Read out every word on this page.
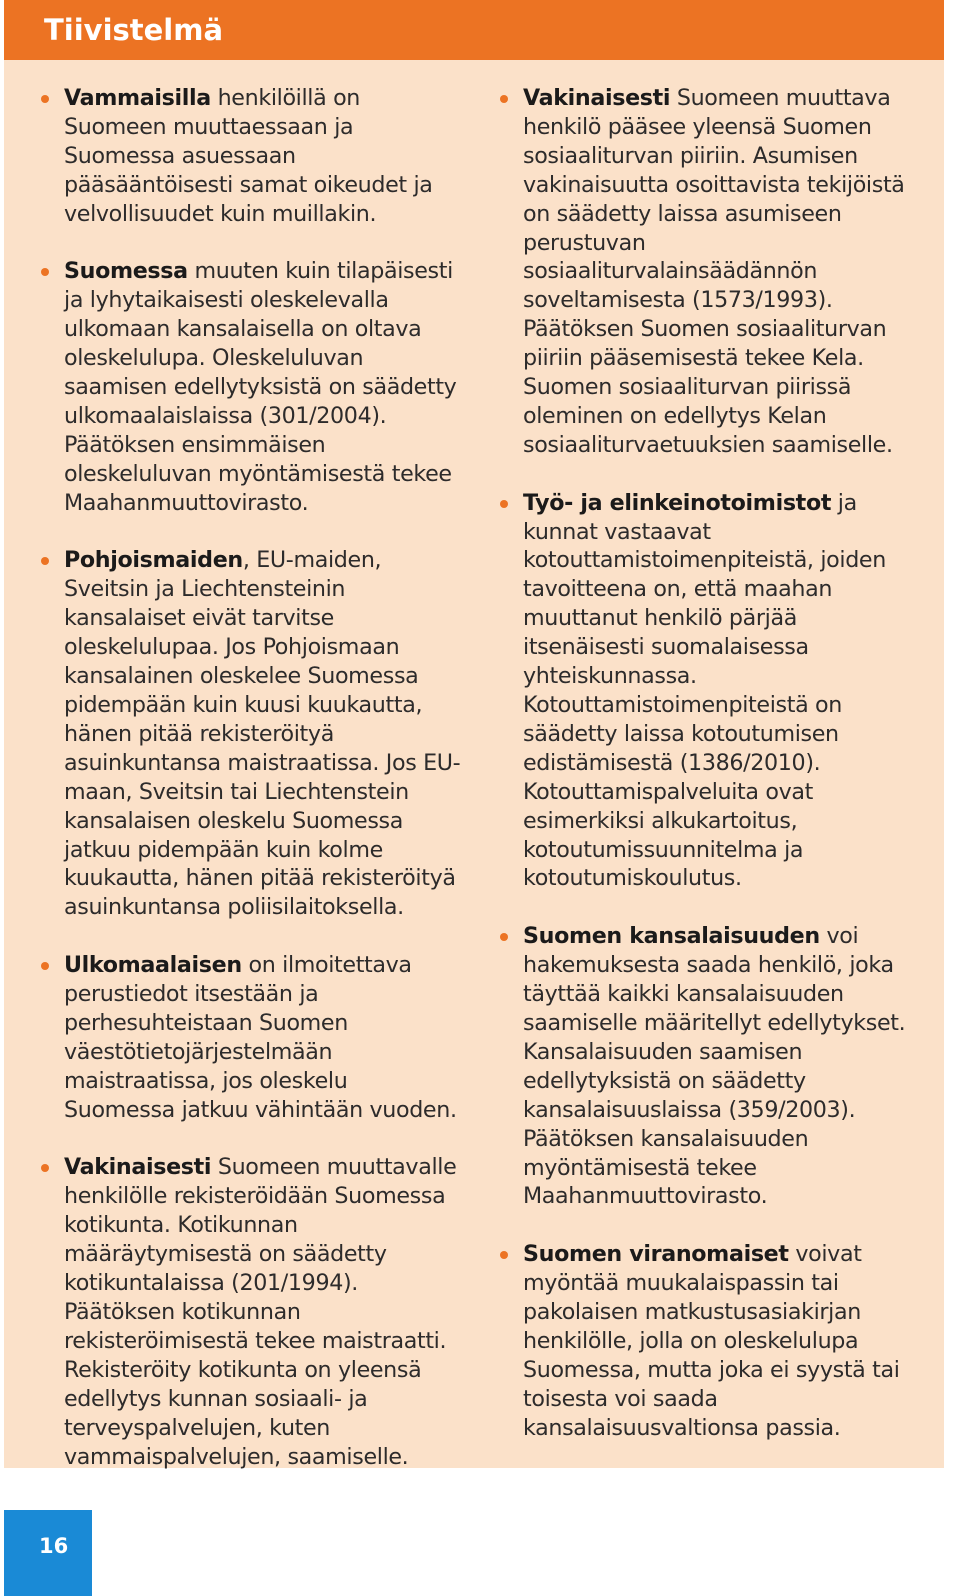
Tiivistelmä
Vammaisilla henkilöillä on Suomeen muuttaessaan ja Suomessa asuessaan pääsääntöisesti samat oikeudet ja velvollisuudet kuin muillakin.
Suomessa muuten kuin tilapäisesti ja lyhytaikaisesti oleskelevalla ulkomaan kansalaisella on oltava oleskelulupa. Oleskeluluvan saamisen edellytyksistä on säädetty ulkomaalaislaissa (301/2004). Päätöksen ensimmäisen oleskeluluvan myöntämisestä tekee Maahanmuuttovirasto.
Pohjoismaiden, EU-maiden, Sveitsin ja Liechtensteinin kansalaiset eivät tarvitse oleskelulupaa. Jos Pohjoismaan kansalainen oleskelee Suomessa pidempään kuin kuusi kuukautta, hänen pitää rekisteröityä asuinkuntansa maistraatissa. Jos EU-maan, Sveitsin tai Liechtenstein kansalaisen oleskelu Suomessa jatkuu pidempään kuin kolme kuukautta, hänen pitää rekisteröityä asuinkuntansa poliisilaitoksella.
Ulkomaalaisen on ilmoitettava perustiedot itsestään ja perhesuhteistaan Suomen väestötietojärjestelmään maistraatissa, jos oleskelu Suomessa jatkuu vähintään vuoden.
Vakinaisesti Suomeen muuttavalle henkilölle rekisteröidään Suomessa kotikunta. Kotikunnan määräytymisestä on säädetty kotikuntalaissa (201/1994). Päätöksen kotikunnan rekisteröimisestä tekee maistraatti. Rekisteröity kotikunta on yleensä edellytys kunnan sosiaali- ja terveyspalvelujen, kuten vammaispalvelujen, saamiselle.
Vakinaisesti Suomeen muuttava henkilö pääsee yleensä Suomen sosiaaliturvan piiriin. Asumisen vakinaisuutta osoittavista tekijöistä on säädetty laissa asumiseen perustuvan sosiaaliturvalainsäädännön soveltamisesta (1573/1993). Päätöksen Suomen sosiaaliturvan piiriin pääsemisestä tekee Kela. Suomen sosiaaliturvan piirissä oleminen on edellytys Kelan sosiaaliturvaetuuksien saamiselle.
Työ- ja elinkeinotoimistot ja kunnat vastaavat kotouttamistoimenpiteistä, joiden tavoitteena on, että maahan muuttanut henkilö pärjää itsenäisesti suomalaisessa yhteiskunnassa. Kotouttamistoimenpiteistä on säädetty laissa kotoutumisen edistämisestä (1386/2010). Kotouttamispalveluita ovat esimerkiksi alkukartoitus, kotoutumissuunnitelma ja kotoutumiskoulutus.
Suomen kansalaisuuden voi hakemuksesta saada henkilö, joka täyttää kaikki kansalaisuuden saamiselle määritellyt edellytykset. Kansalaisuuden saamisen edellytyksistä on säädetty kansalaisuuslaissa (359/2003). Päätöksen kansalaisuuden myöntämisestä tekee Maahanmuuttovirasto.
Suomen viranomaiset voivat myöntää muukalaispassin tai pakolaisen matkustusasiakirjan henkilölle, jolla on oleskelulupa Suomessa, mutta joka ei syystä tai toisesta voi saada kansalaisuusvaltionsa passia.
16
